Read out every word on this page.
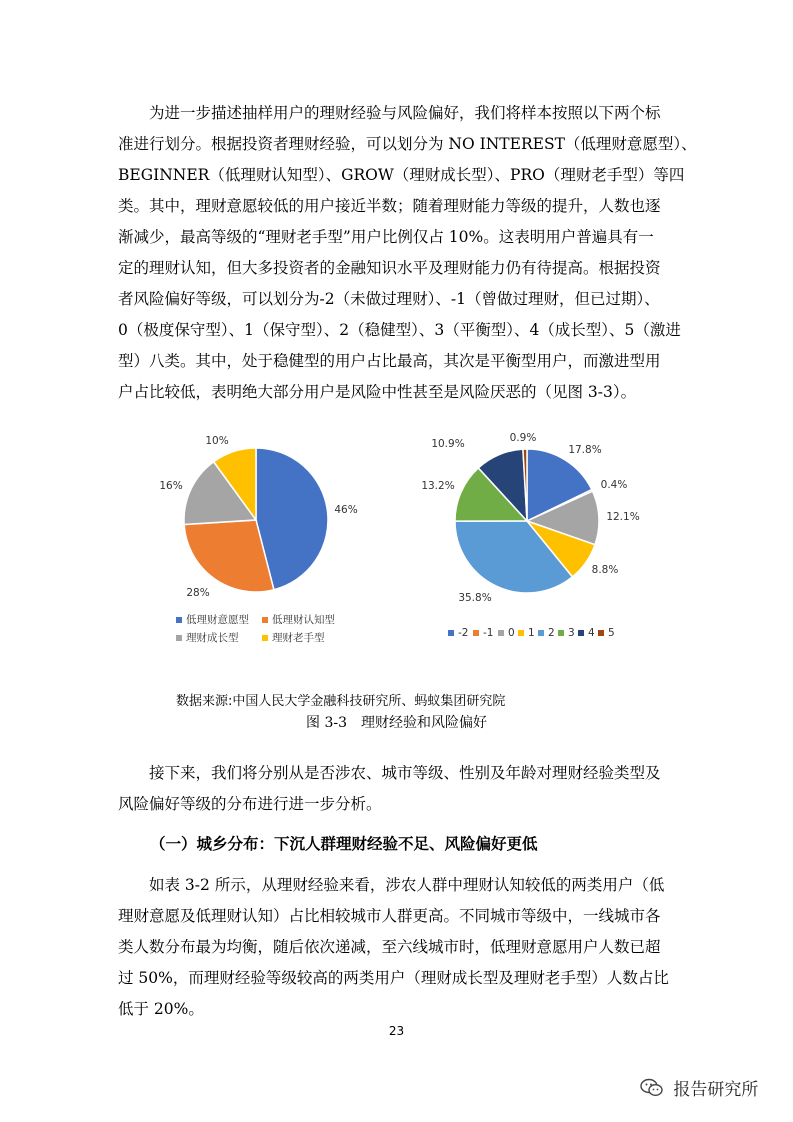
为进一步描述抽样用户的理财经验与风险偏好，我们将样本按照以下两个标
准进行划分。根据投资者理财经验，可以划分为 NO INTEREST（低理财意愿型）、
BEGINNER（低理财认知型）、GROW（理财成长型）、PRO（理财老手型）等四
类。其中，理财意愿较低的用户接近半数；随着理财能力等级的提升，人数也逐
渐减少，最高等级的“理财老手型”用户比例仅占 10%。这表明用户普遍具有一
定的理财认知，但大多投资者的金融知识水平及理财能力仍有待提高。根据投资
者风险偏好等级，可以划分为-2（未做过理财）、-1（曾做过理财，但已过期）、
0（极度保守型）、1（保守型）、2（稳健型）、3（平衡型）、4（成长型）、5（激进
型）八类。其中，处于稳健型的用户占比最高，其次是平衡型用户，而激进型用
户占比较低，表明绝大部分用户是风险中性甚至是风险厌恶的（见图 3-3）。
46%
28%
16%
10%
低理财意愿型	低理财认知型
理财成长型	理财老手型
17.8%
0.4%
12.1%
8.8%
35.8%
13.2%
10.9%	0.9%
-2	-1	0	1	2	3	4	5
数据来源:中国人民大学金融科技研究所、蚂蚁集团研究院
图 3-3　理财经验和风险偏好
接下来，我们将分别从是否涉农、城市等级、性别及年龄对理财经验类型及
风险偏好等级的分布进行进一步分析。
（一）城乡分布：下沉人群理财经验不足、风险偏好更低
如表 3-2 所示，从理财经验来看，涉农人群中理财认知较低的两类用户（低
理财意愿及低理财认知）占比相较城市人群更高。不同城市等级中，一线城市各
类人数分布最为均衡，随后依次递减，至六线城市时，低理财意愿用户人数已超
过 50%，而理财经验等级较高的两类用户（理财成长型及理财老手型）人数占比
低于 20%。
23
报告研究所
